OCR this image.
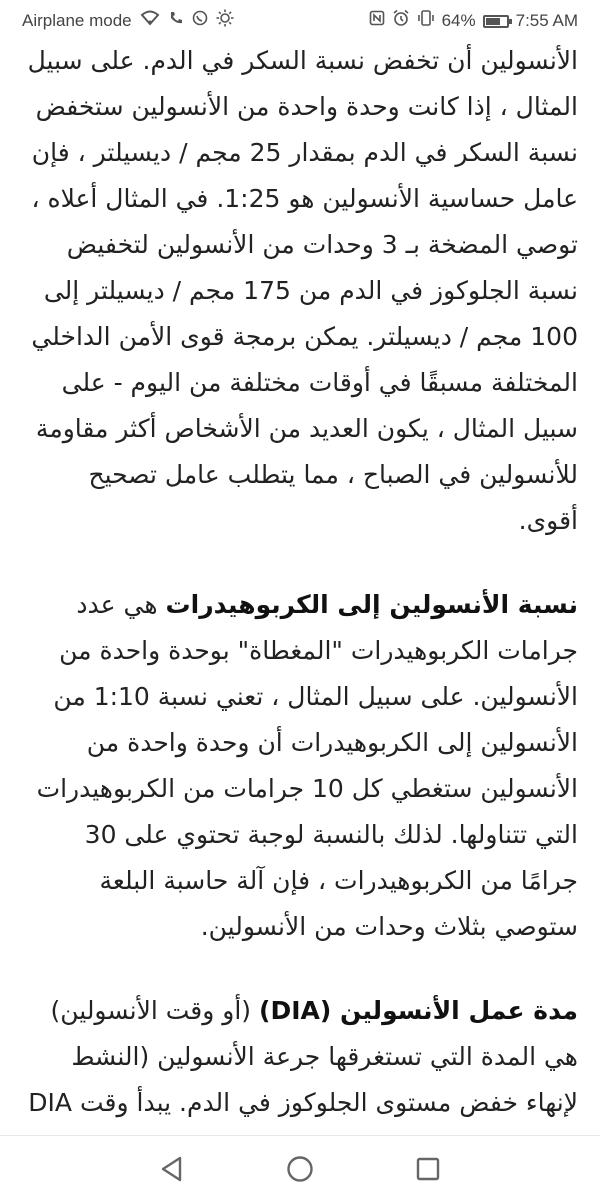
Airplane mode	64% 7:55 AM

الأنسولين أن تخفض نسبة السكر في الدم. على سبيل المثال ، إذا كانت وحدة واحدة من الأنسولين ستخفض نسبة السكر في الدم بمقدار 25 مجم / ديسيلتر ، فإن عامل حساسية الأنسولين هو 1:25. في المثال أعلاه ، توصي المضخة بـ 3 وحدات من الأنسولين لتخفيض نسبة الجلوكوز في الدم من 175 مجم / ديسيلتر إلى 100 مجم / ديسيلتر. يمكن برمجة قوى الأمن الداخلي المختلفة مسبقًا في أوقات مختلفة من اليوم - على سبيل المثال ، يكون العديد من الأشخاص أكثر مقاومة للأنسولين في الصباح ، مما يتطلب عامل تصحيح أقوى.

نسبة الأنسولين إلى الكربوهيدرات هي عدد جرامات الكربوهيدرات "المغطاة" بوحدة واحدة من الأنسولين. على سبيل المثال ، تعني نسبة 1:10 من الأنسولين إلى الكربوهيدرات أن وحدة واحدة من الأنسولين ستغطي كل 10 جرامات من الكربوهيدرات التي تتناولها. لذلك بالنسبة لوجبة تحتوي على 30 جرامًا من الكربوهيدرات ، فإن آلة حاسبة البلعة ستوصي بثلاث وحدات من الأنسولين.

مدة عمل الأنسولين (DIA) (أو وقت الأنسولين) هي المدة التي تستغرقها جرعة الأنسولين (النشط لإنهاء خفض مستوى الجلوكوز في الدم. يبدأ وقت DIA
